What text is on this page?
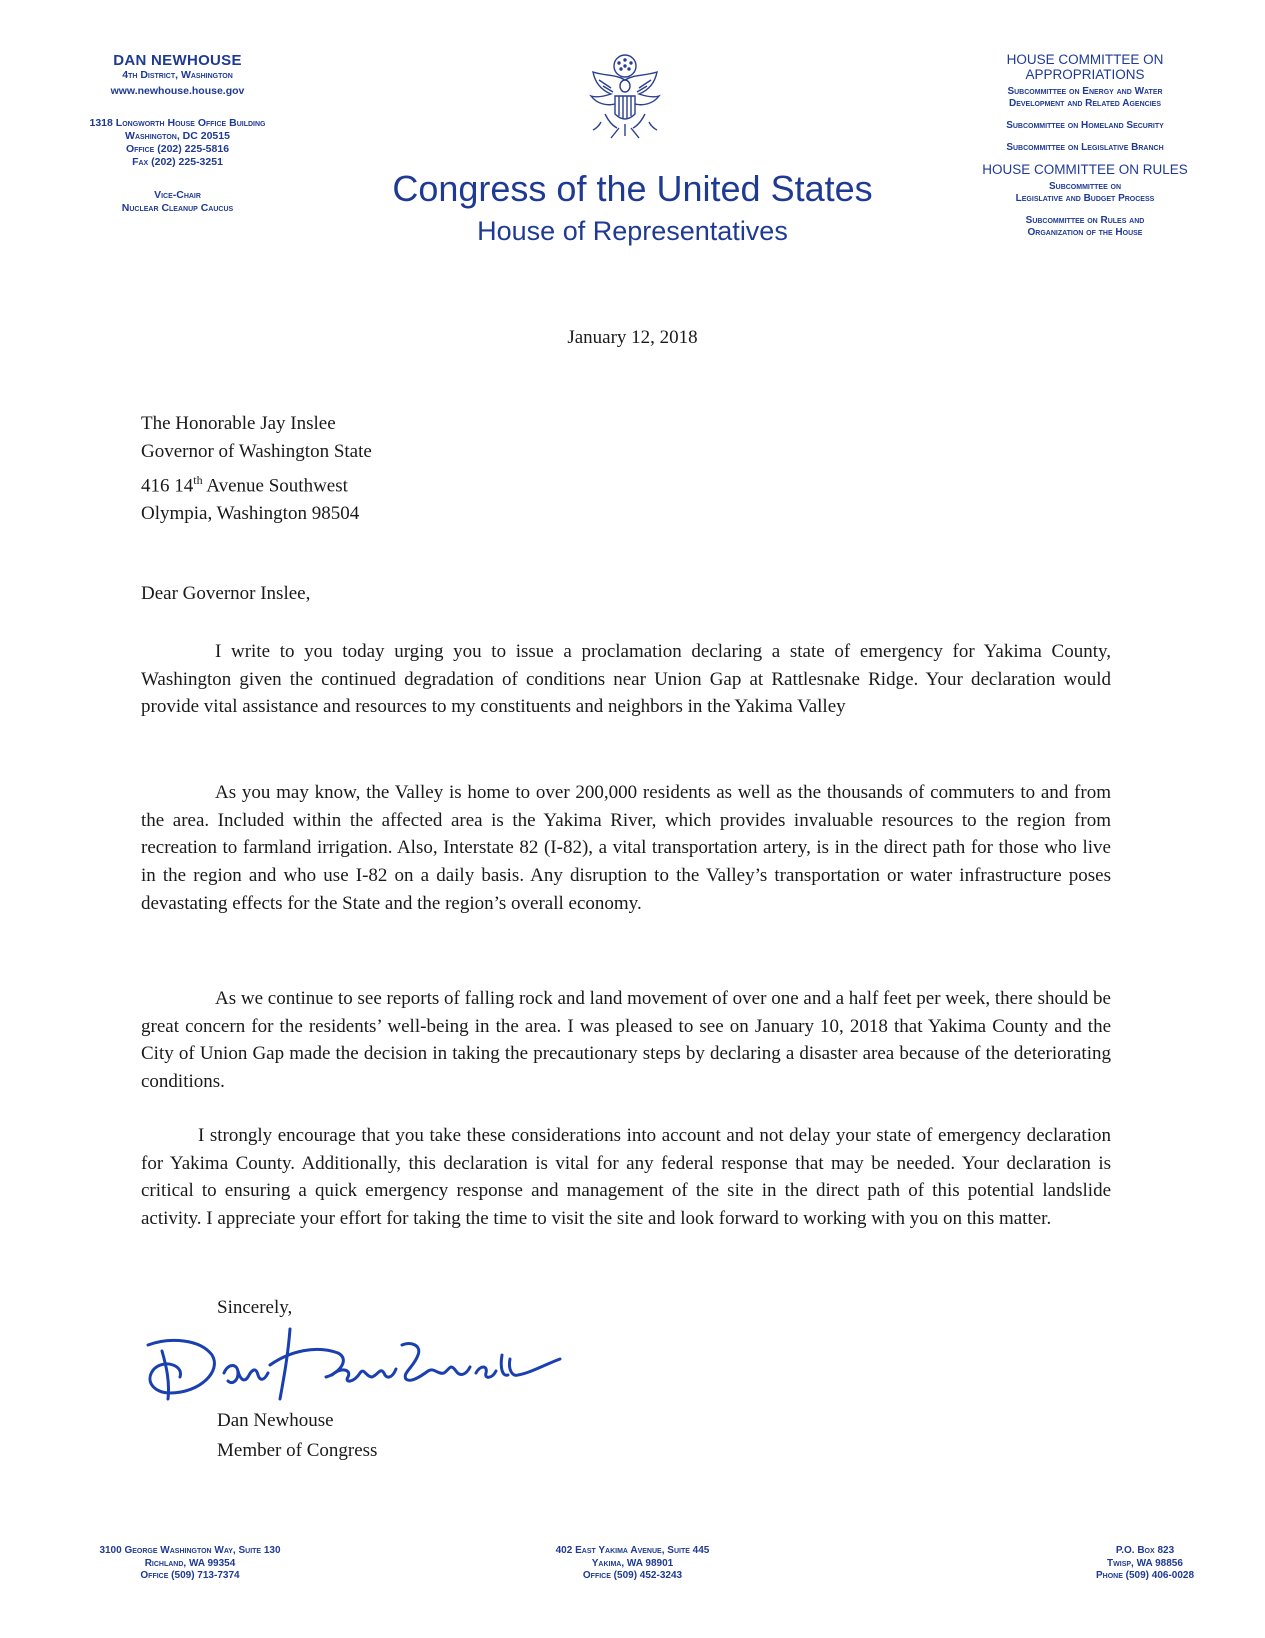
DAN NEWHOUSE
4th District, Washington
www.newhouse.house.gov
1318 Longworth House Office Building
Washington, DC 20515
Office (202) 225-5816
Fax (202) 225-3251
Vice-Chair
Nuclear Cleanup Caucus	Congress of the United States
House of Representatives
HOUSE COMMITTEE ON
APPROPRIATIONS
Subcommittee on Energy and Water
Development and Related Agencies
Subcommittee on Homeland Security
Subcommittee on Legislative Branch
HOUSE COMMITTEE ON RULES
Subcommittee on
Legislative and Budget Process
Subcommittee on Rules and
Organization of the House
January 12, 2018
The Honorable Jay Inslee
Governor of Washington State
416 14th Avenue Southwest
Olympia, Washington 98504
Dear Governor Inslee,

I write to you today urging you to issue a proclamation declaring a state of emergency for Yakima County, Washington given the continued degradation of conditions near Union Gap at Rattlesnake Ridge. Your declaration would provide vital assistance and resources to my constituents and neighbors in the Yakima Valley

As you may know, the Valley is home to over 200,000 residents as well as the thousands of commuters to and from the area. Included within the affected area is the Yakima River, which provides invaluable resources to the region from recreation to farmland irrigation. Also, Interstate 82 (I-82), a vital transportation artery, is in the direct path for those who live in the region and who use I-82 on a daily basis. Any disruption to the Valley’s transportation or water infrastructure poses devastating effects for the State and the region’s overall economy.

As we continue to see reports of falling rock and land movement of over one and a half feet per week, there should be great concern for the residents’ well-being in the area. I was pleased to see on January 10, 2018 that Yakima County and the City of Union Gap made the decision in taking the precautionary steps by declaring a disaster area because of the deteriorating conditions.

I strongly encourage that you take these considerations into account and not delay your state of emergency declaration for Yakima County. Additionally, this declaration is vital for any federal response that may be needed. Your declaration is critical to ensuring a quick emergency response and management of the site in the direct path of this potential landslide activity. I appreciate your effort for taking the time to visit the site and look forward to working with you on this matter.

Sincerely,
Dan Newhouse
Member of Congress
3100 George Washington Way, Suite 130
Richland, WA 99354
Office (509) 713-7374
402 East Yakima Avenue, Suite 445
Yakima, WA 98901
Office (509) 452-3243
P.O. Box 823
Twisp, WA 98856
Phone (509) 406-0028
